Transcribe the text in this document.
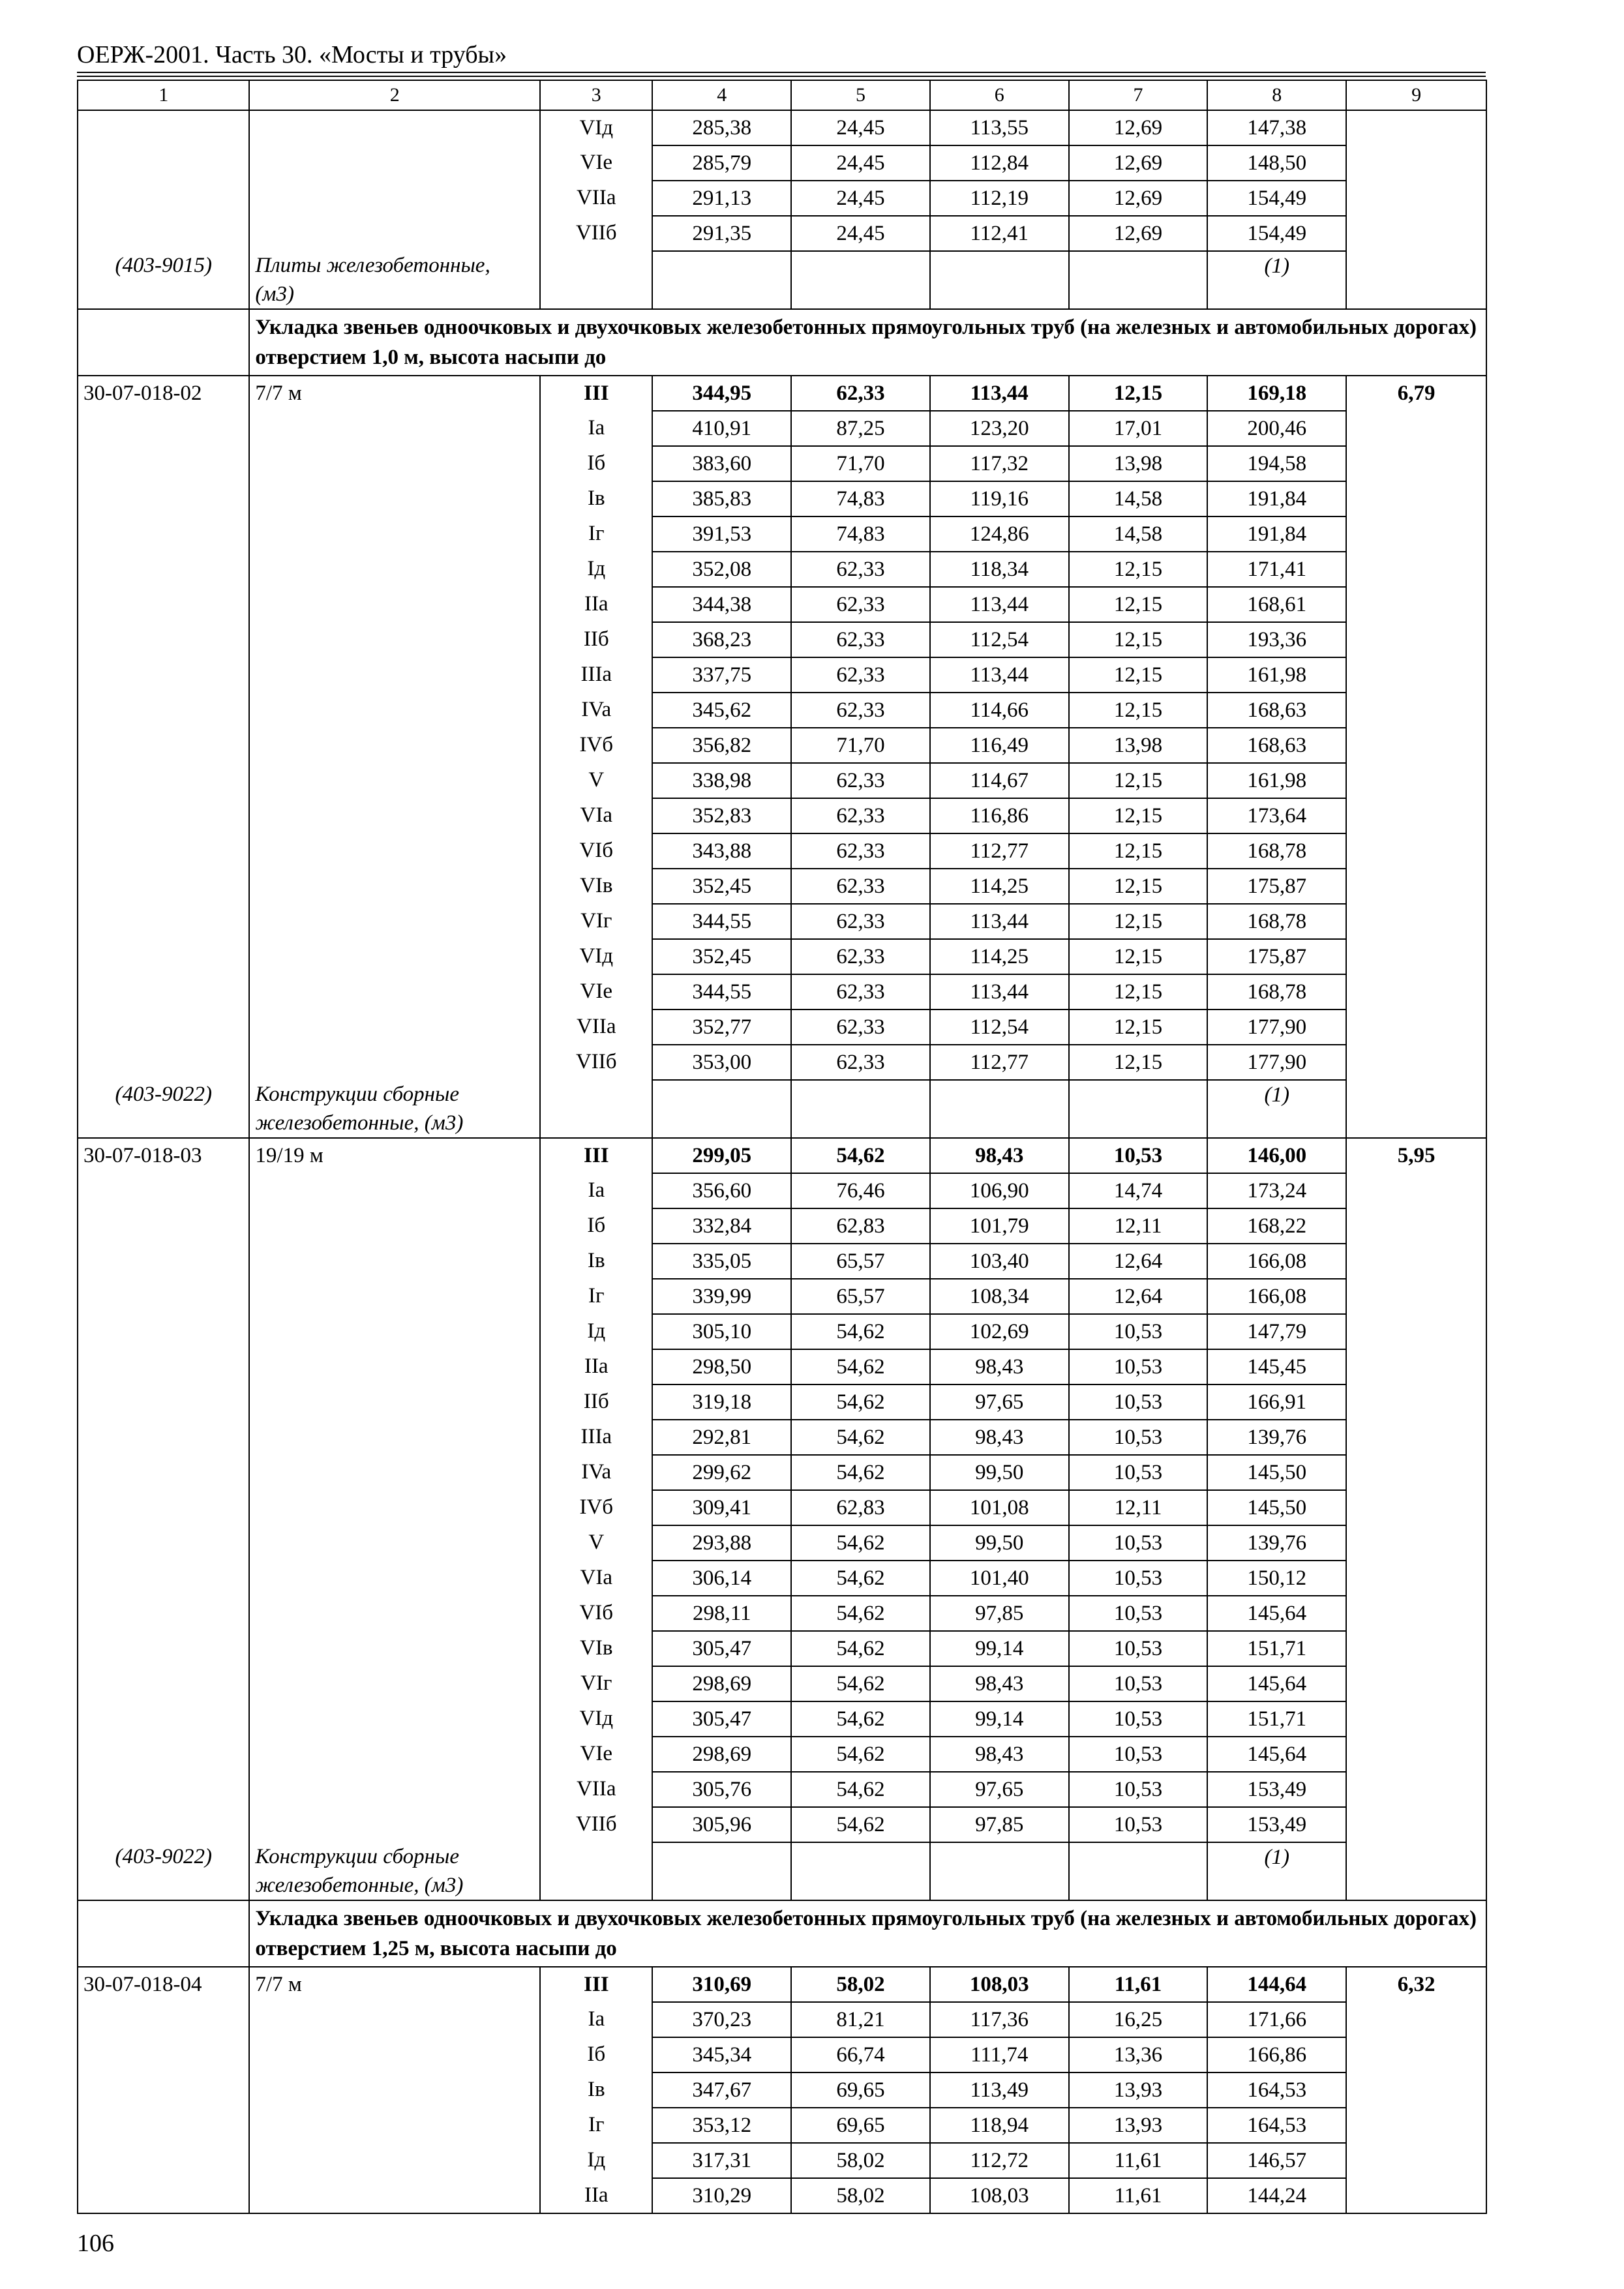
ОЕРЖ-2001. Часть 30. «Мосты и трубы»
1	2	3	4	5	6	7	8	9
		VIд	285,38	24,45	113,55	12,69	147,38	
		VIe	285,79	24,45	112,84	12,69	148,50	
		VIIa	291,13	24,45	112,19	12,69	154,49	
		VIIб	291,35	24,45	112,41	12,69	154,49	
(403-9015)	Плиты железобетонные, (м3)						(1)	
	Укладка звеньев одноочковых и двухочковых железобетонных прямоугольных труб (на железных и автомобильных дорогах) отверстием 1,0 м, высота насыпи до							
30-07-018-02	7/7 м	III	344,95	62,33	113,44	12,15	169,18	6,79
		Ia	410,91	87,25	123,20	17,01	200,46	
		Iб	383,60	71,70	117,32	13,98	194,58	
		Iв	385,83	74,83	119,16	14,58	191,84	
		Iг	391,53	74,83	124,86	14,58	191,84	
		Iд	352,08	62,33	118,34	12,15	171,41	
		IIa	344,38	62,33	113,44	12,15	168,61	
		IIб	368,23	62,33	112,54	12,15	193,36	
		IIIa	337,75	62,33	113,44	12,15	161,98	
		IVa	345,62	62,33	114,66	12,15	168,63	
		IVб	356,82	71,70	116,49	13,98	168,63	
		V	338,98	62,33	114,67	12,15	161,98	
		VIa	352,83	62,33	116,86	12,15	173,64	
		VIб	343,88	62,33	112,77	12,15	168,78	
		VIв	352,45	62,33	114,25	12,15	175,87	
		VIг	344,55	62,33	113,44	12,15	168,78	
		VIд	352,45	62,33	114,25	12,15	175,87	
		VIe	344,55	62,33	113,44	12,15	168,78	
		VIIa	352,77	62,33	112,54	12,15	177,90	
		VIIб	353,00	62,33	112,77	12,15	177,90	
(403-9022)	Конструкции сборные железобетонные, (м3)						(1)	
30-07-018-03	19/19 м	III	299,05	54,62	98,43	10,53	146,00	5,95
		Ia	356,60	76,46	106,90	14,74	173,24	
		Iб	332,84	62,83	101,79	12,11	168,22	
		Iв	335,05	65,57	103,40	12,64	166,08	
		Iг	339,99	65,57	108,34	12,64	166,08	
		Iд	305,10	54,62	102,69	10,53	147,79	
		IIa	298,50	54,62	98,43	10,53	145,45	
		IIб	319,18	54,62	97,65	10,53	166,91	
		IIIa	292,81	54,62	98,43	10,53	139,76	
		IVa	299,62	54,62	99,50	10,53	145,50	
		IVб	309,41	62,83	101,08	12,11	145,50	
		V	293,88	54,62	99,50	10,53	139,76	
		VIa	306,14	54,62	101,40	10,53	150,12	
		VIб	298,11	54,62	97,85	10,53	145,64	
		VIв	305,47	54,62	99,14	10,53	151,71	
		VIг	298,69	54,62	98,43	10,53	145,64	
		VIд	305,47	54,62	99,14	10,53	151,71	
		VIe	298,69	54,62	98,43	10,53	145,64	
		VIIa	305,76	54,62	97,65	10,53	153,49	
		VIIб	305,96	54,62	97,85	10,53	153,49	
(403-9022)	Конструкции сборные железобетонные, (м3)						(1)	
	Укладка звеньев одноочковых и двухочковых железобетонных прямоугольных труб (на железных и автомобильных дорогах) отверстием 1,25 м, высота насыпи до							
30-07-018-04	7/7 м	III	310,69	58,02	108,03	11,61	144,64	6,32
		Ia	370,23	81,21	117,36	16,25	171,66	
		Iб	345,34	66,74	111,74	13,36	166,86	
		Iв	347,67	69,65	113,49	13,93	164,53	
		Iг	353,12	69,65	118,94	13,93	164,53	
		Iд	317,31	58,02	112,72	11,61	146,57	
		IIa	310,29	58,02	108,03	11,61	144,24	
106
